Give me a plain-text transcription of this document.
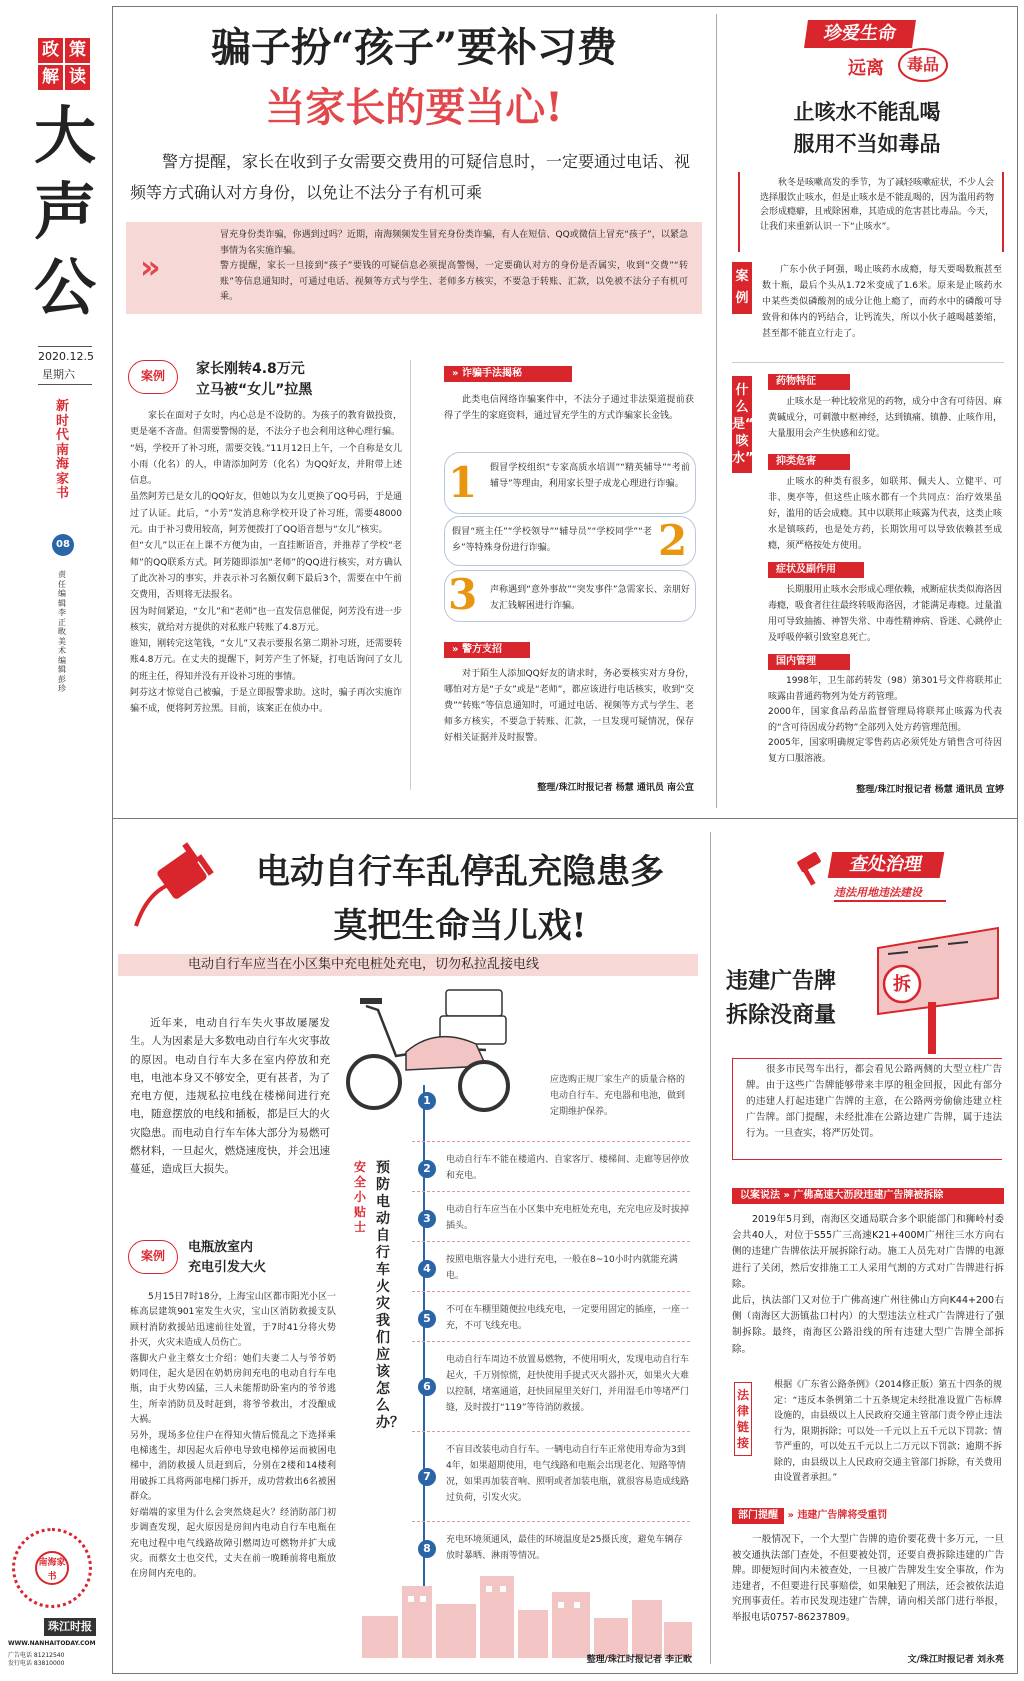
政 策
解 读
大
声
公
2020.12.5
星期六
新时代南海家书
08
责任编辑 李正畋 美术编辑 彭珍
南海家书
珠江时报
WWW.NANHAITODAY.COM
广告电话 81212540
发行电话 83810000
骗子扮“孩子”要补习费
当家长的要当心!
警方提醒，家长在收到子女需要交费用的可疑信息时，一定要通过电话、视频等方式确认对方身份，以免让不法分子有机可乘
»
冒充身份类诈骗，你遇到过吗？近期，南海频频发生冒充身份类诈骗，有人在短信、QQ或微信上冒充“孩子”，以紧急事情为名实施诈骗。
警方提醒，家长一旦接到“孩子”要钱的可疑信息必须提高警惕，一定要确认对方的身份是否属实，收到“交费”“转账”等信息通知时，可通过电话、视频等方式与学生、老师多方核实，不要急于转账、汇款，以免被不法分子有机可乘。
案例	家长刚转4.8万元
立马被“女儿”拉黑
家长在面对子女时，内心总是不设防的。为孩子的教育做投资，更是毫不吝啬。但需要警惕的是，不法分子也会利用这种心理行骗。
“妈，学校开了补习班，需要交钱。”11月12日上午，一个自称是女儿小雨（化名）的人，申请添加阿芳（化名）为QQ好友，并附带上述信息。
虽然阿芳已是女儿的QQ好友，但她以为女儿更换了QQ号码，于是通过了认证。此后，“小芳”发消息称学校开设了补习班，需要48000元。由于补习费用较高，阿芳便拨打了QQ语音想与“女儿”核实。
但“女儿”以正在上课不方便为由，一直挂断语音，并推荐了学校“老师”的QQ联系方式。阿芳随即添加“老师”的QQ进行核实，对方确认了此次补习的事实，并表示补习名额仅剩下最后3个，需要在中午前交费用，否则将无法报名。
因为时间紧迫，“女儿”和“老师”也一直发信息催促，阿芳没有进一步核实，就给对方提供的对私账户转账了4.8万元。
谁知，刚转完这笔钱，“女儿”又表示要报名第二期补习班，还需要转账4.8万元。在丈夫的提醒下，阿芳产生了怀疑，打电话询问了女儿的班主任，得知并没有开设补习班的事情。
阿芬这才惊觉自己被骗，于是立即报警求助。这时，骗子再次实施诈骗不成，便将阿芳拉黑。目前，该案正在侦办中。
» 诈骗手法揭秘
此类电信网络诈骗案件中，不法分子通过非法渠道提前获得了学生的家庭资料，通过冒充学生的方式诈骗家长金钱。
1 假冒学校组织“专家高质水培训”“精英辅导”“考前辅导”等理由，利用家长望子成龙心理进行诈骗。
假冒“班主任”“学校领导”“辅导员”“学校同学”“老乡”等特殊身份进行诈骗。	2
3 声称遇到“意外事故”“突发事件”急需家长、亲朋好友汇钱解困进行诈骗。
» 警方支招
对于陌生人添加QQ好友的请求时，务必要核实对方身份，哪怕对方是“子女”或是“老师”，都应该进行电话核实，收到“交费”“转账”等信息通知时，可通过电话、视频等方式与学生、老师多方核实，不要急于转账、汇款，一旦发现可疑情况，保存好相关证据并及时报警。
整理/珠江时报记者 杨慧 通讯员 南公宣
珍爱生命
远离	毒品
止咳水不能乱喝
服用不当如毒品
秋冬是咳嗽高发的季节，为了减轻咳嗽症状，不少人会选择服饮止咳水，但是止咳水是不能乱喝的，因为滥用药物会形成瘾癖，且戒除困难，其造成的危害甚比毒品。今天，让我们来重新认识一下“止咳水”。
案例
广东小伙子阿强，喝止咳药水成瘾，每天要喝数瓶甚至数十瓶，最后个头从1.72米变成了1.6米。原来是止咳药水中某些类似磷酸剂的成分让他上瘾了，而药水中的磷酸可导致骨和体内的钙结合，让钙流失，所以小伙子越喝越萎缩，甚至都不能直立行走了。
什么是“止咳水”
药物特征
止咳水是一种比较常见的药物，成分中含有可待因、麻黄碱成分，可刺激中枢神经，达到镇痛、镇静、止咳作用，大量服用会产生快感和幻觉。
抑类危害
止咳水的种类有很多，如联邦、佩夫人、立健平、可非、奥亭等，但这些止咳水都有一个共同点：治疗效果虽好，滥用的话会成瘾。其中以联邦止咳露为代表，这类止咳水是镇咳药，也是处方药，长期饮用可以导致依赖甚至成瘾，须严格按处方使用。
症状及副作用
长期服用止咳水会形成心理依赖，戒断症状类似海洛因毒瘾，吸食者往往最终转吸海洛因，才能满足毒瘾。过量滥用可导致抽搐、神智失常、中毒性精神病、昏迷、心跳停止及呼吸停顿引致窒息死亡。
国内管理
1998年，卫生部药转发（98）第301号文件将联邦止咳露由普通药物列为处方药管理。
2000年，国家食品药品监督管理局将联邦止咳露为代表的“含可待因成分药物”全部列入处方药管理范围。
2005年，国家明确规定零售药店必须凭处方销售含可待因复方口服溶液。
整理/珠江时报记者 杨慧 通讯员 宣婷
电动自行车乱停乱充隐患多
莫把生命当儿戏!
电动自行车应当在小区集中充电桩处充电，切勿私拉乱接电线
近年来，电动自行车失火事故屡屡发生。人为因素是大多数电动自行车火灾事故的原因。电动自行车大多在室内停放和充电，电池本身又不够安全，更有甚者，为了充电方便，违规私拉电线在楼梯间进行充电，随意摆放的电线和插板，都是巨大的火灾隐患。而电动自行车车体大部分为易燃可燃材料，一旦起火，燃烧速度快，并会迅速蔓延，造成巨大损失。
案例
电瓶放室内
充电引发大火
5月15日7时18分，上海宝山区都市阳光小区一栋高层建筑901室发生火灾，宝山区消防救援支队顾村消防救援站迅速前往处置，于7时41分将火势扑灭，火灾未造成人员伤亡。
落脚火户业主蔡女士介绍：她们夫妻二人与爷爷奶奶同住，起火是因在奶奶房间充电的电动自行车电瓶，由于火势凶猛，三人未能帮助卧室内的爷爷逃生，所幸消防员及时赶到，将爷爷救出，才没酿成大祸。
另外，现场多位住户在得知火情后慌乱之下选择乘电梯逃生，却因起火后停电导致电梯停运而被困电梯中，消防救援人员赶到后，分别在2楼和14楼利用破拆工具将两部电梯门拆开，成功营救出6名被困群众。
好端端的家里为什么会突然烧起火？经消防部门初步调查发现，起火原因是房间内电动自行车电瓶在充电过程中电气线路故障引燃周边可燃物并扩大成灾。而蔡女士也交代，丈夫在前一晚睡前将电瓶放在房间内充电的。
安全小贴士
预防电动自行车火灾 我们应该怎么办？
1

应选购正规厂家生产的质量合格的电动自行车、充电器和电池，做到定期维护保养。

2

电动自行车不能在楼道内、自家客厅、楼梯间、走廊等居停放和充电。

3

电动自行车应当在小区集中充电桩处充电，充完电应及时拔掉插头。

4

按照电瓶容量大小进行充电，一般在8~10小时内就能充满电。

5

不可在车棚里随便拉电线充电，一定要用固定的插座，一座一充，不可飞线充电。

6

电动自行车周边不放置易燃物，不使用明火，发现电动自行车起火，千万别惊慌，赶快使用手提式灭火器扑灭，如果火大难以控制，堵塞通道，赶快回屋里关好门，并用湿毛巾等堵严门缝，及时拨打“119”等待消防救援。

7

不盲目改装电动自行车。一辆电动自行车正常使用寿命为3到4年，如果超期使用，电气线路和电瓶会出现老化、短路等情况，如果再加装音响、照明或者加装电瓶，就很容易造成线路过负荷，引发火灾。

8

充电环境须通风，最佳的环境温度是25摄氏度，避免车辆存放时暴晒、淋雨等情况。

整理/珠江时报记者 李正畋
查处治理
违法用地违法建设
违建广告牌
拆除没商量
拆
很多市民驾车出行，都会看见公路两侧的大型立柱广告牌。由于这些广告牌能够带来丰厚的租金回报，因此有部分的违建人打起违建广告牌的主意，在公路两旁偷偷违建立柱广告牌。部门提醒，未经批准在公路边建广告牌，属于违法行为。一旦查实，将严厉处罚。
以案说法 » 广佛高速大沥段违建广告牌被拆除
2019年5月到，南海区交通局联合多个职能部门和狮岭村委会共40人，对位于S55广三高速K21+400M广州往三水方向右侧的违建广告牌依法开展拆除行动。施工人员先对广告牌的电源进行了关闭，然后安排施工工人采用气割的方式对广告牌进行拆除。
此后，执法部门又对位于广佛高速广州往佛山方向K44+200右侧（南海区大沥镇盐口村内）的大型违法立柱式广告牌进行了强制拆除。最终，南海区公路沿线的所有违建大型广告牌全部拆除。
法律链接
根据《广东省公路条例》（2014修正版）第五十四条的规定：“违反本条例第二十五条规定未经批准设置广告标牌设施的，由县级以上人民政府交通主管部门责令停止违法行为，限期拆除；可以处一千元以上五千元以下罚款；情节严重的，可以处五千元以上二万元以下罚款；逾期不拆除的，由县级以上人民政府交通主管部门拆除，有关费用由设置者承担。”
部门提醒 » 违建广告牌将受重罚
一般情况下，一个大型广告牌的造价要花费十多万元，一旦被交通执法部门查处，不但要被处罚，还要自费拆除违建的广告牌。即便短时间内未被查处，一旦被广告牌发生安全事故，作为违建者，不但要进行民事赔偿，如果触犯了刑法，还会被依法追究刑事责任。若市民发现违建广告牌，请向相关部门进行举报，举报电话0757-86237809。
文/珠江时报记者 刘永亮
